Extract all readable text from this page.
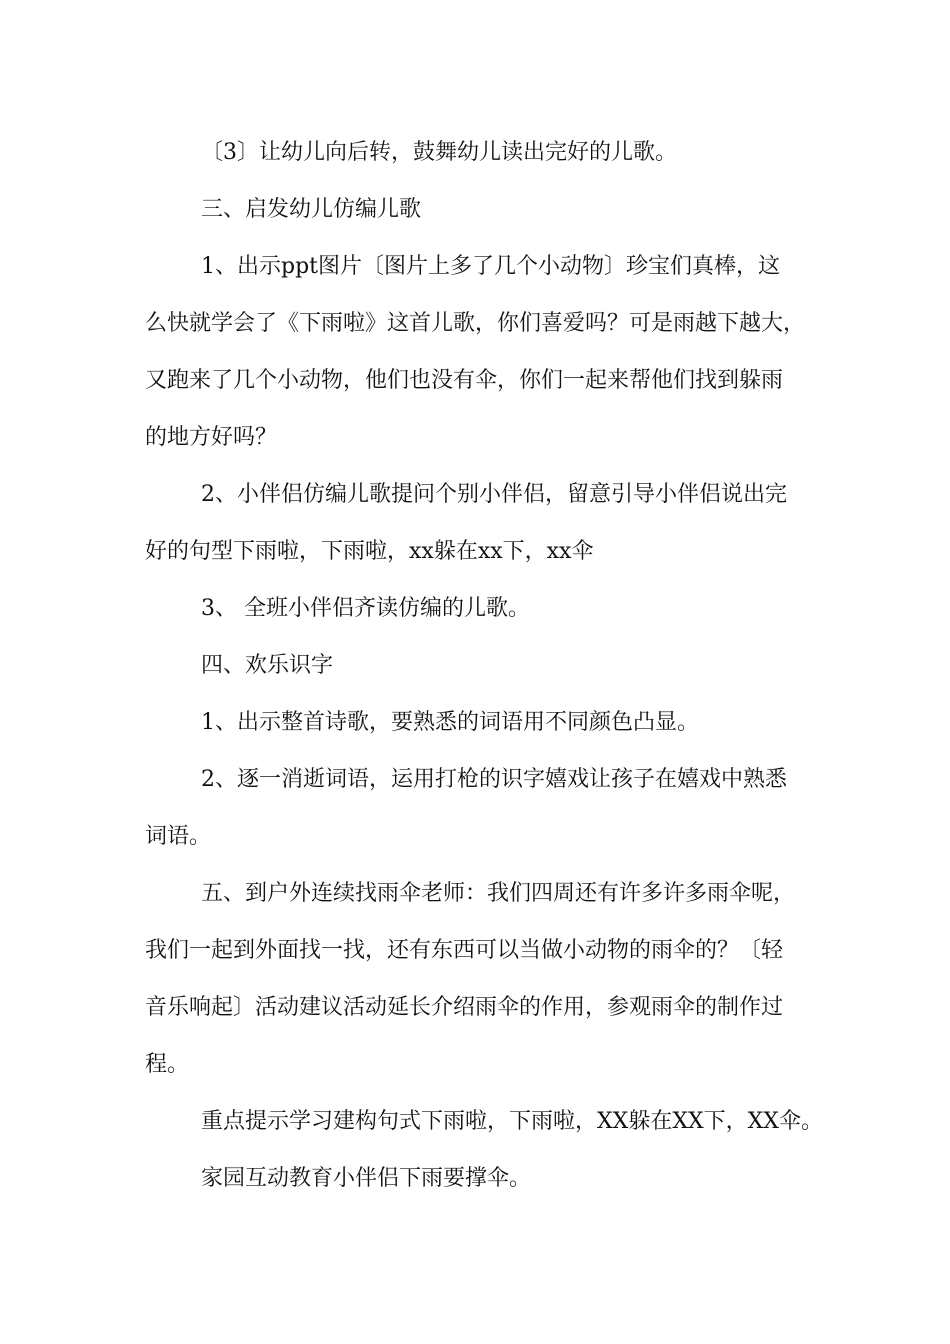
〔3〕让幼儿向后转，鼓舞幼儿读出完好的儿歌。

三、启发幼儿仿编儿歌

1、出示ppt图片〔图片上多了几个小动物〕珍宝们真棒，这

么快就学会了《下雨啦》这首儿歌，你们喜爱吗？可是雨越下越大，

又跑来了几个小动物，他们也没有伞，你们一起来帮他们找到躲雨

的地方好吗？

2、小伴侣仿编儿歌提问个别小伴侣，留意引导小伴侣说出完

好的句型下雨啦，下雨啦，xx躲在xx下，xx伞

3、 全班小伴侣齐读仿编的儿歌。

四、欢乐识字

1、出示整首诗歌，要熟悉的词语用不同颜色凸显。

2、逐一消逝词语，运用打枪的识字嬉戏让孩子在嬉戏中熟悉

词语。

五、到户外连续找雨伞老师：我们四周还有许多许多雨伞呢，

我们一起到外面找一找，还有东西可以当做小动物的雨伞的？〔轻

音乐响起〕活动建议活动延长介绍雨伞的作用，参观雨伞的制作过

程。

重点提示学习建构句式下雨啦，下雨啦，XX躲在XX下，XX伞。

家园互动教育小伴侣下雨要撑伞。
